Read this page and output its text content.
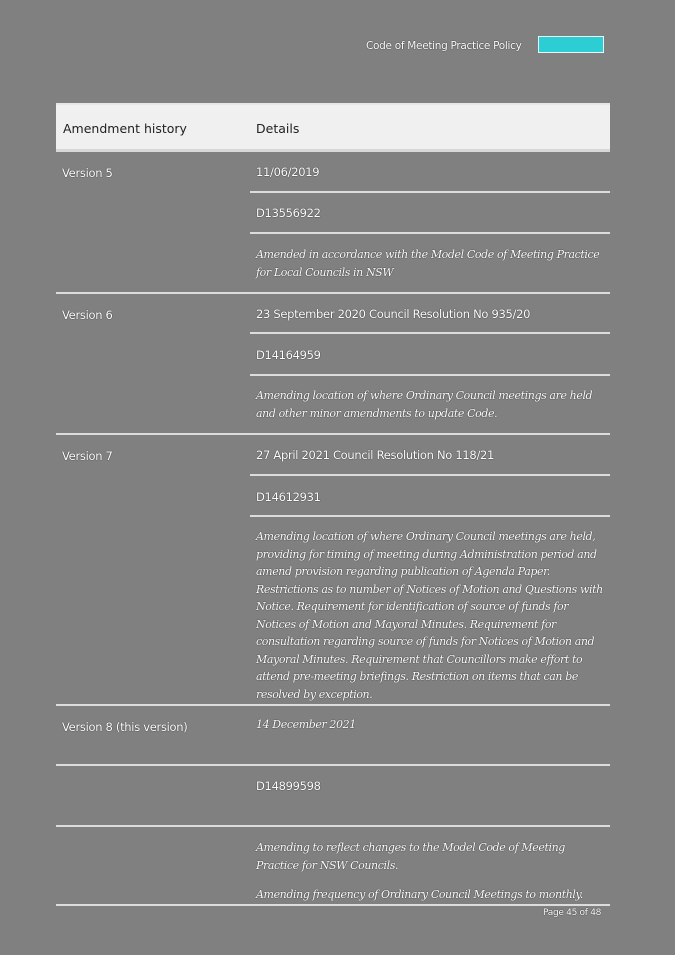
Code of Meeting Practice Policy
Amendment history	Details
Version 5	11/06/2019
D13556922
Amended in accordance with the Model Code of Meeting Practice for Local Councils in NSW
Version 6	23 September 2020 Council Resolution No 935/20
D14164959
Amending location of where Ordinary Council meetings are held and other minor amendments to update Code.
Version 7	27 April 2021 Council Resolution No 118/21
D14612931
Amending location of where Ordinary Council meetings are held, providing for timing of meeting during Administration period and amend provision regarding publication of Agenda Paper. Restrictions as to number of Notices of Motion and Questions with Notice. Requirement for identification of source of funds for Notices of Motion and Mayoral Minutes. Requirement for consultation regarding source of funds for Notices of Motion and Mayoral Minutes. Requirement that Councillors make effort to attend pre-meeting briefings. Restriction on items that can be resolved by exception.
Version 8 (this version)	14 December 2021
D14899598
Amending to reflect changes to the Model Code of Meeting Practice for NSW Councils.
Amending frequency of Ordinary Council Meetings to monthly.
Page 45 of 48
